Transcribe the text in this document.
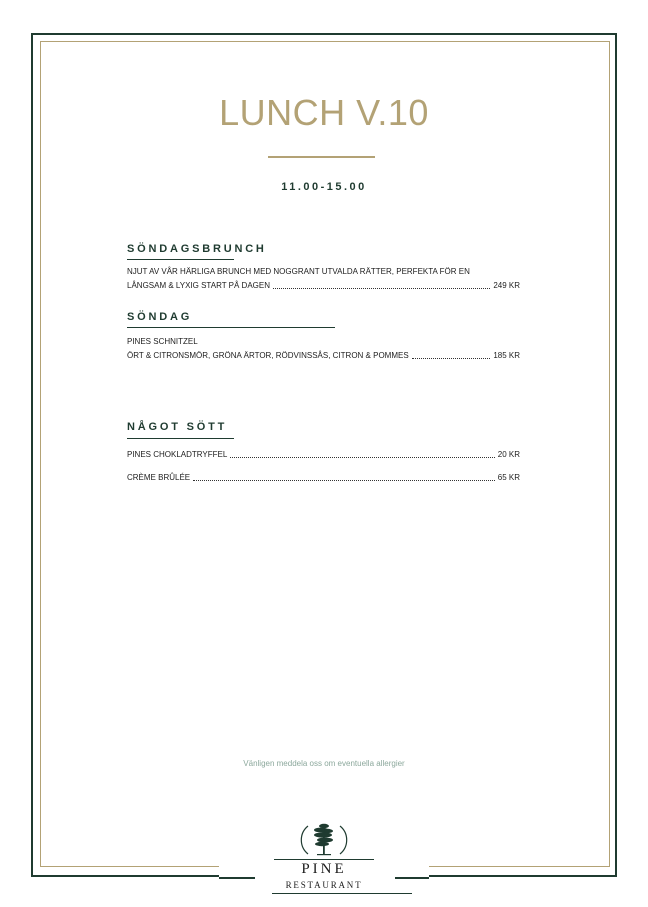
LUNCH V.10
11.00-15.00
SÖNDAGSBRUNCH
NJUT AV VÅR HÄRLIGA BRUNCH MED NOGGRANT UTVALDA RÄTTER, PERFEKTA FÖR EN
LÅNGSAM & LYXIG START PÅ DAGEN	249 KR
SÖNDAG
PINES SCHNITZEL
ÖRT & CITRONSMÖR, GRÖNA ÄRTOR, RÖDVINSSÅS, CITRON & POMMES	185 KR
NÅGOT SÖTT
PINES CHOKLADTRYFFEL	20 KR
CRÈME BRÛLÉE	65 KR
Vänligen meddela oss om eventuella allergier
PINE
RESTAURANT
